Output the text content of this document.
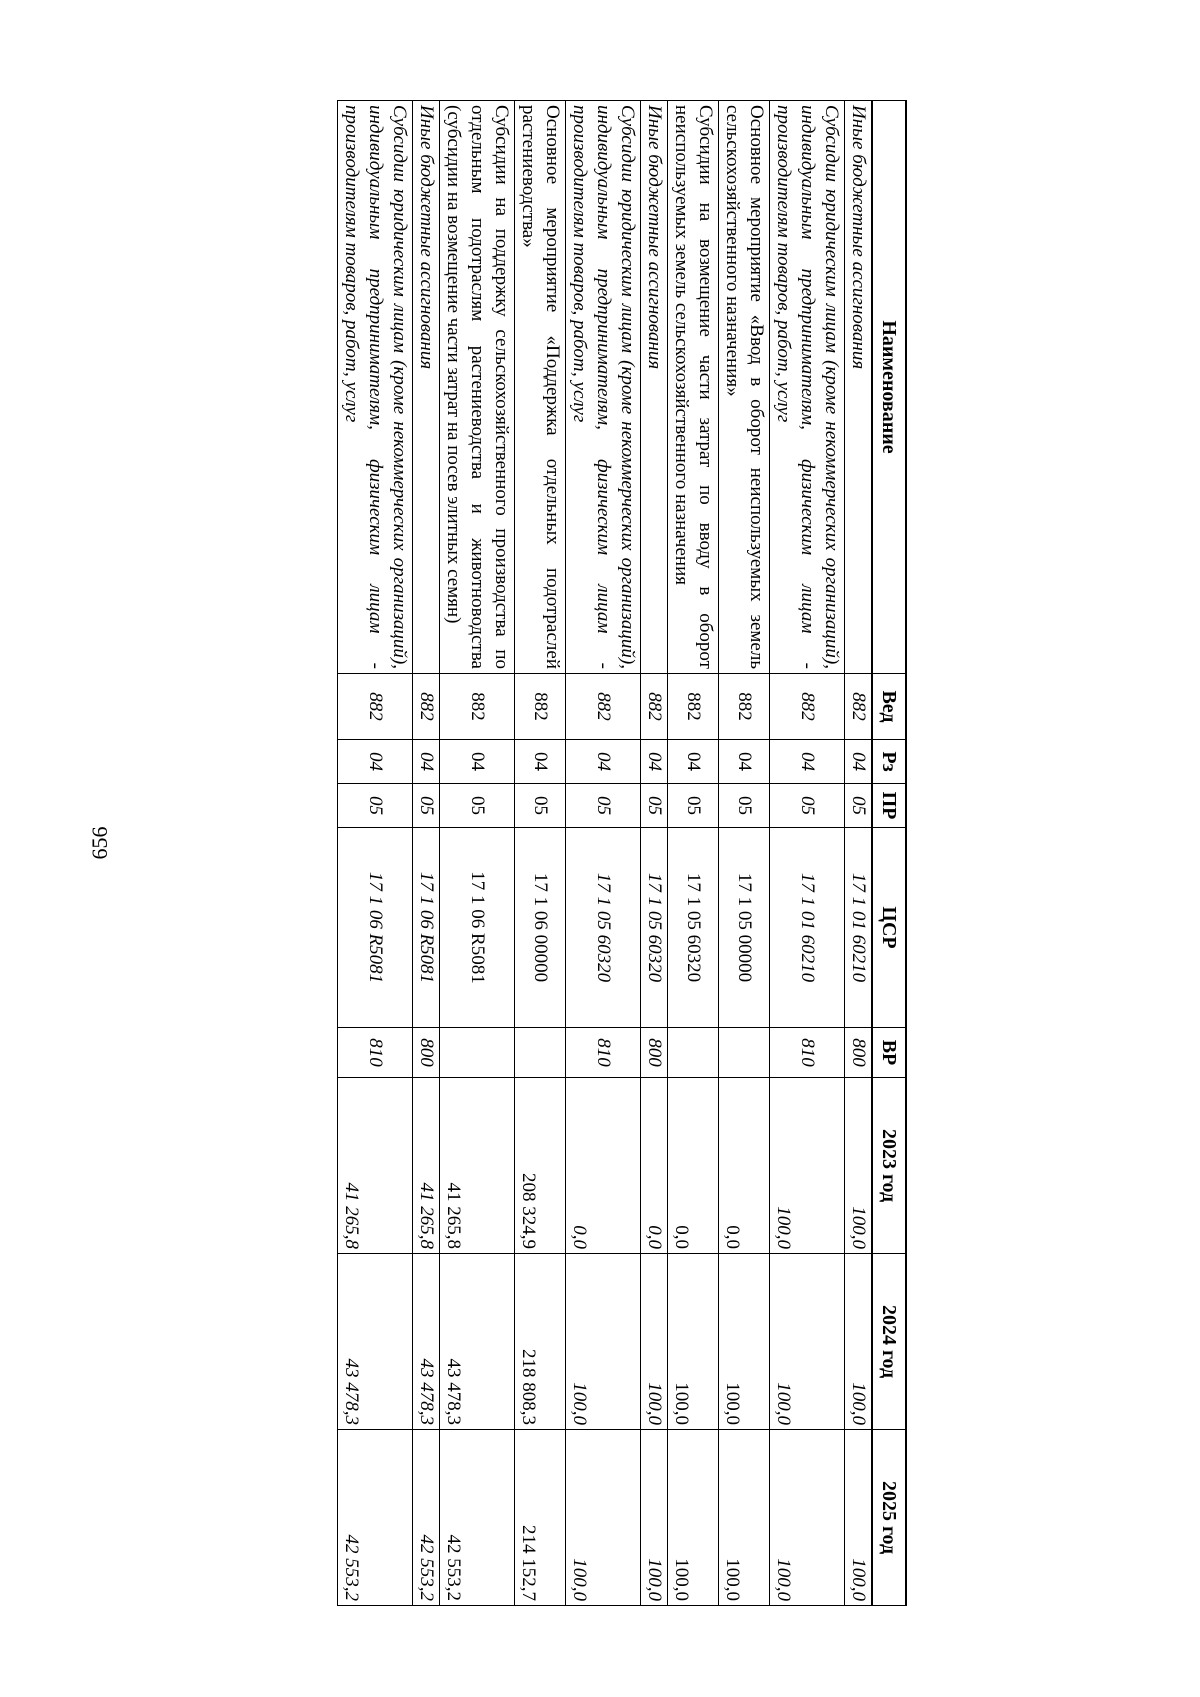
656
Наименование	Вед	Рз	ПР	ЦСР	ВР	2023 год	2024 год	2025 год
Иные бюджетные ассигнования	882	04	05	17 1 01 60210	800	100,0	100,0	100,0
Субсидии юридическим лицам (кроме некоммерческих организаций), индивидуальным предпринимателям, физическим лицам - производителям товаров, работ, услуг	882	04	05	17 1 01 60210	810	100,0	100,0	100,0
Основное мероприятие «Ввод в оборот неиспользуемых земель сельскохозяйственного назначения»	882	04	05	17 1 05 00000		0,0	100,0	100,0
Субсидии на возмещение части затрат по вводу в оборот неиспользуемых земель сельскохозяйственного назначения	882	04	05	17 1 05 60320		0,0	100,0	100,0
Иные бюджетные ассигнования	882	04	05	17 1 05 60320	800	0,0	100,0	100,0
Субсидии юридическим лицам (кроме некоммерческих организаций), индивидуальным предпринимателям, физическим лицам - производителям товаров, работ, услуг	882	04	05	17 1 05 60320	810	0,0	100,0	100,0
Основное мероприятие «Поддержка отдельных подотраслей растениеводства»	882	04	05	17 1 06 00000		208 324,9	218 808,3	214 152,7
Субсидии на поддержку сельскохозяйственного производства по отдельным подотраслям растениеводства и животноводства (субсидии на возмещение части затрат на посев элитных семян)	882	04	05	17 1 06 R5081		41 265,8	43 478,3	42 553,2
Иные бюджетные ассигнования	882	04	05	17 1 06 R5081	800	41 265,8	43 478,3	42 553,2
Субсидии юридическим лицам (кроме некоммерческих организаций), индивидуальным предпринимателям, физическим лицам - производителям товаров, работ, услуг	882	04	05	17 1 06 R5081	810	41 265,8	43 478,3	42 553,2
